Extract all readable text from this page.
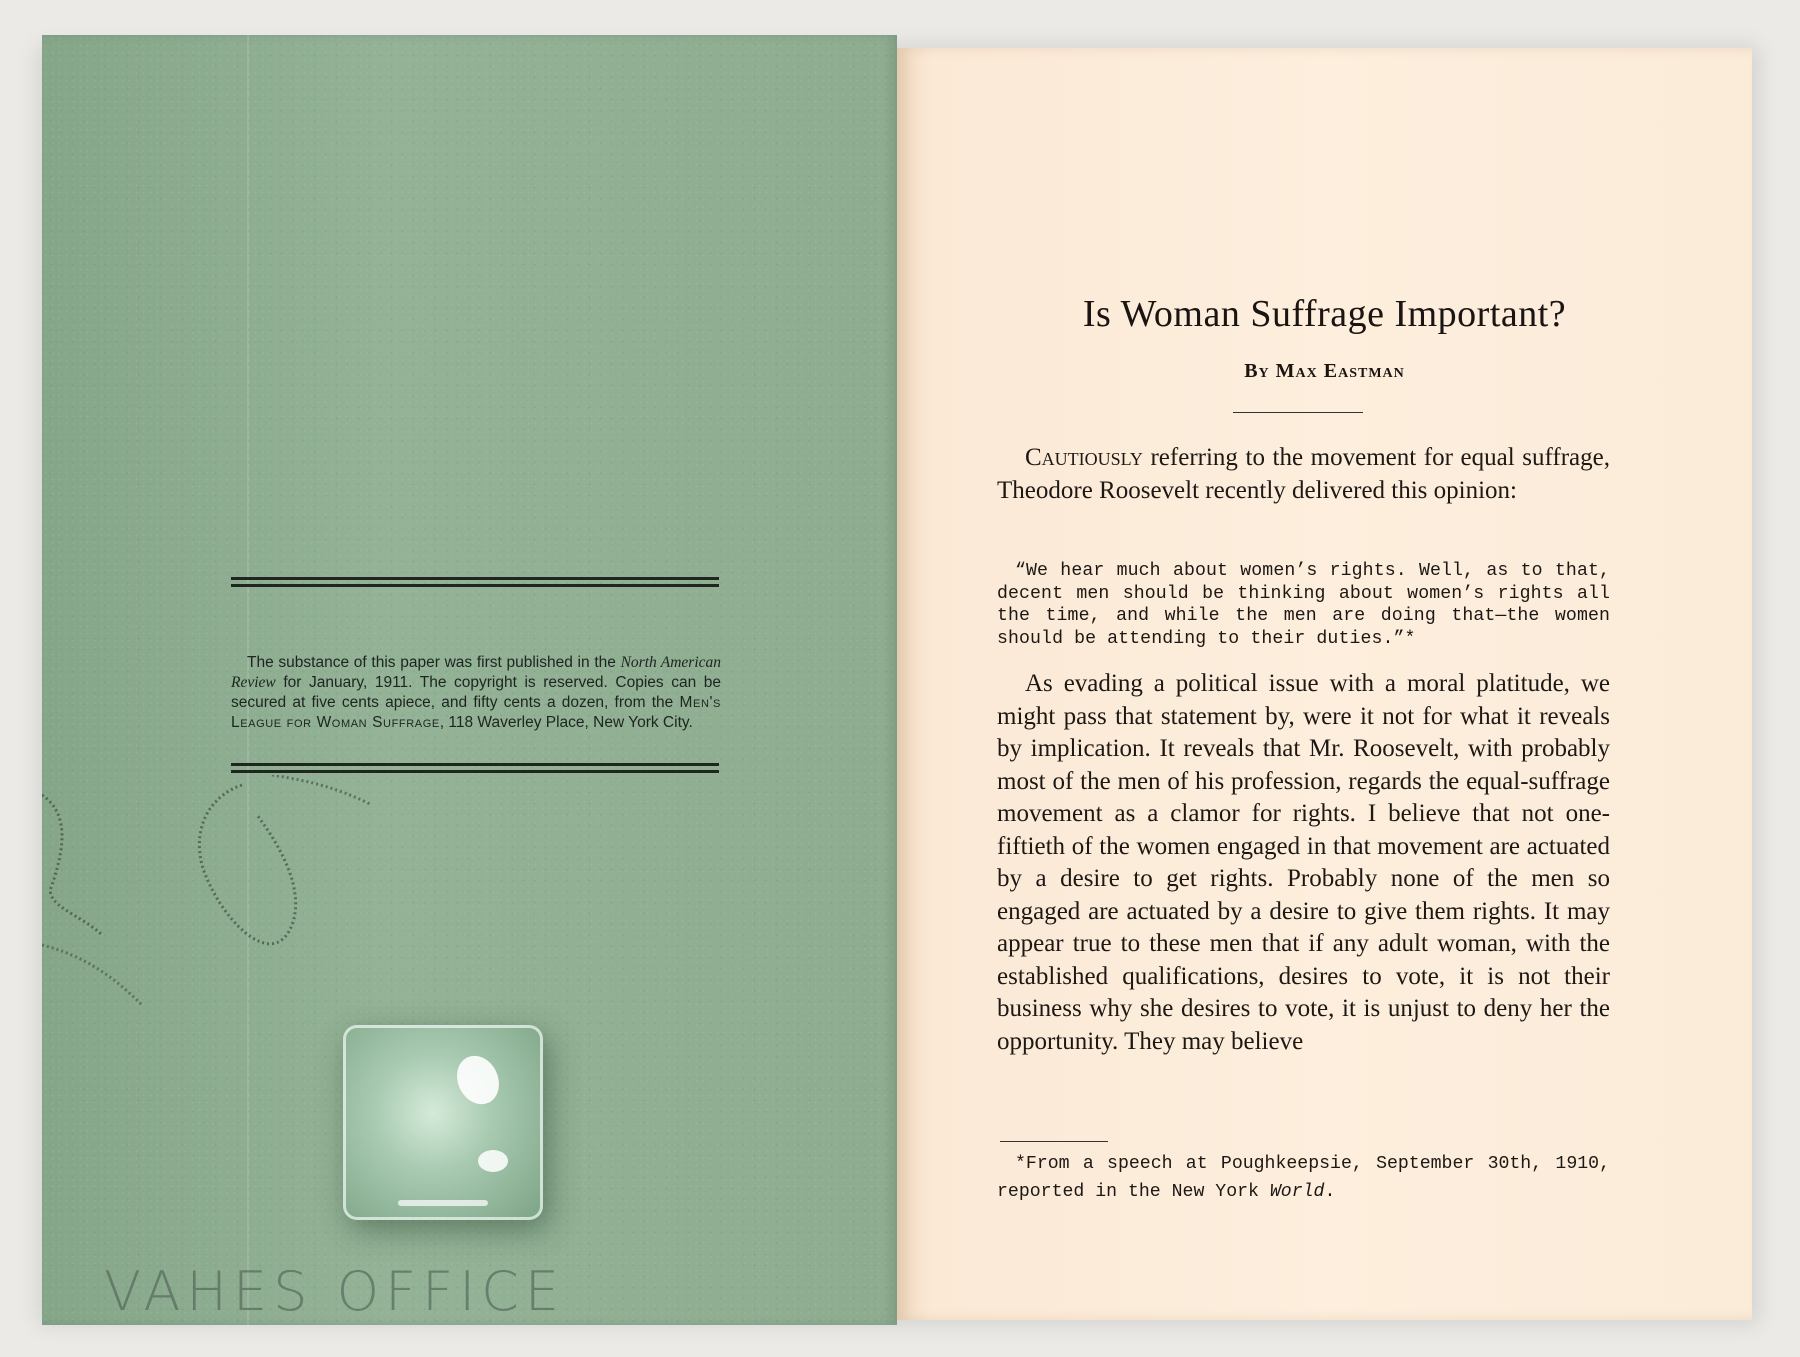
The substance of this paper was first published in the North American Review for January, 1911. The copyright is reserved. Copies can be secured at five cents apiece, and fifty cents a dozen, from the Men's League for Woman Suffrage, 118 Waverley Place, New York City.

VAHES OFFICE
Is Woman Suffrage Important?
By Max Eastman

Cautiously referring to the movement for equal suffrage, Theodore Roosevelt recently delivered this opinion:

“We hear much about women’s rights. Well, as to that, decent men should be thinking about women’s rights all the time, and while the men are doing that—the women should be attending to their duties.”*

As evading a political issue with a moral platitude, we might pass that statement by, were it not for what it reveals by implication. It reveals that Mr. Roosevelt, with probably most of the men of his profession, regards the equal-suffrage movement as a clamor for rights. I believe that not one-fiftieth of the women engaged in that movement are actuated by a desire to get rights. Probably none of the men so engaged are actuated by a desire to give them rights. It may appear true to these men that if any adult woman, with the established qualifications, desires to vote, it is not their business why she desires to vote, it is unjust to deny her the opportunity. They may believe

*From a speech at Poughkeepsie, September 30th, 1910, reported in the New York World.
